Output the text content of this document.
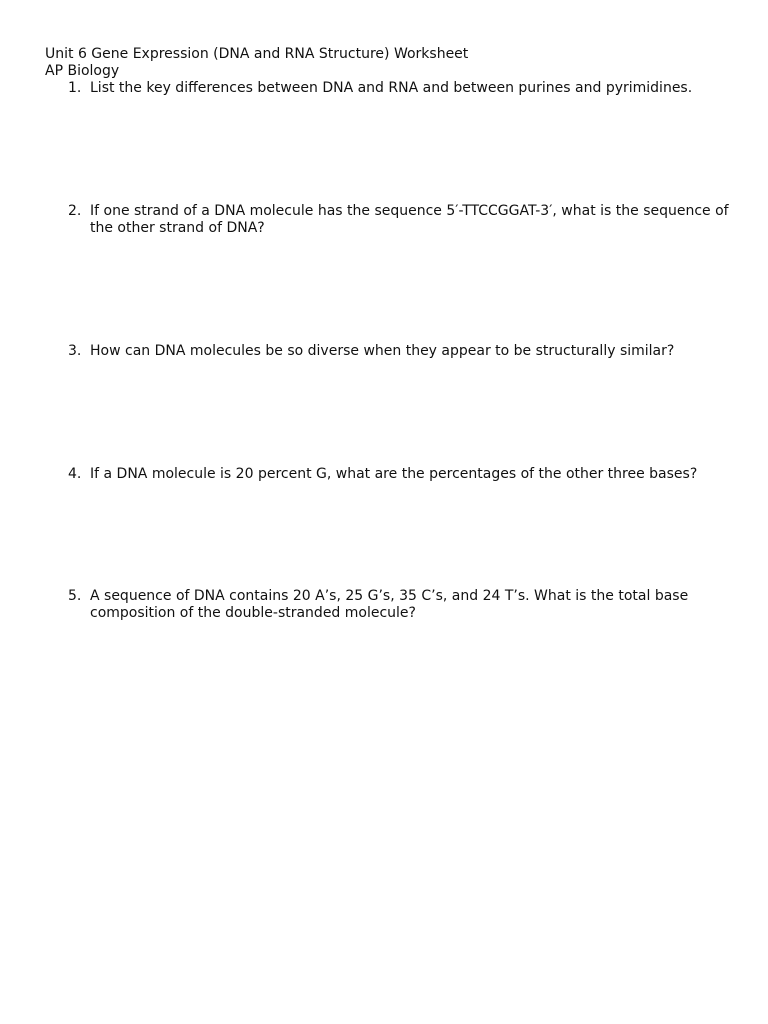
Unit 6 Gene Expression (DNA and RNA Structure) Worksheet
AP Biology
1. List the key differences between DNA and RNA and between purines and pyrimidines.
2. If one strand of a DNA molecule has the sequence 5′-TTCCGGAT-3′, what is the sequence of
the other strand of DNA?
3. How can DNA molecules be so diverse when they appear to be structurally similar?
4. If a DNA molecule is 20 percent G, what are the percentages of the other three bases?
5. A sequence of DNA contains 20 A’s, 25 G’s, 35 C’s, and 24 T’s. What is the total base
composition of the double-stranded molecule?
